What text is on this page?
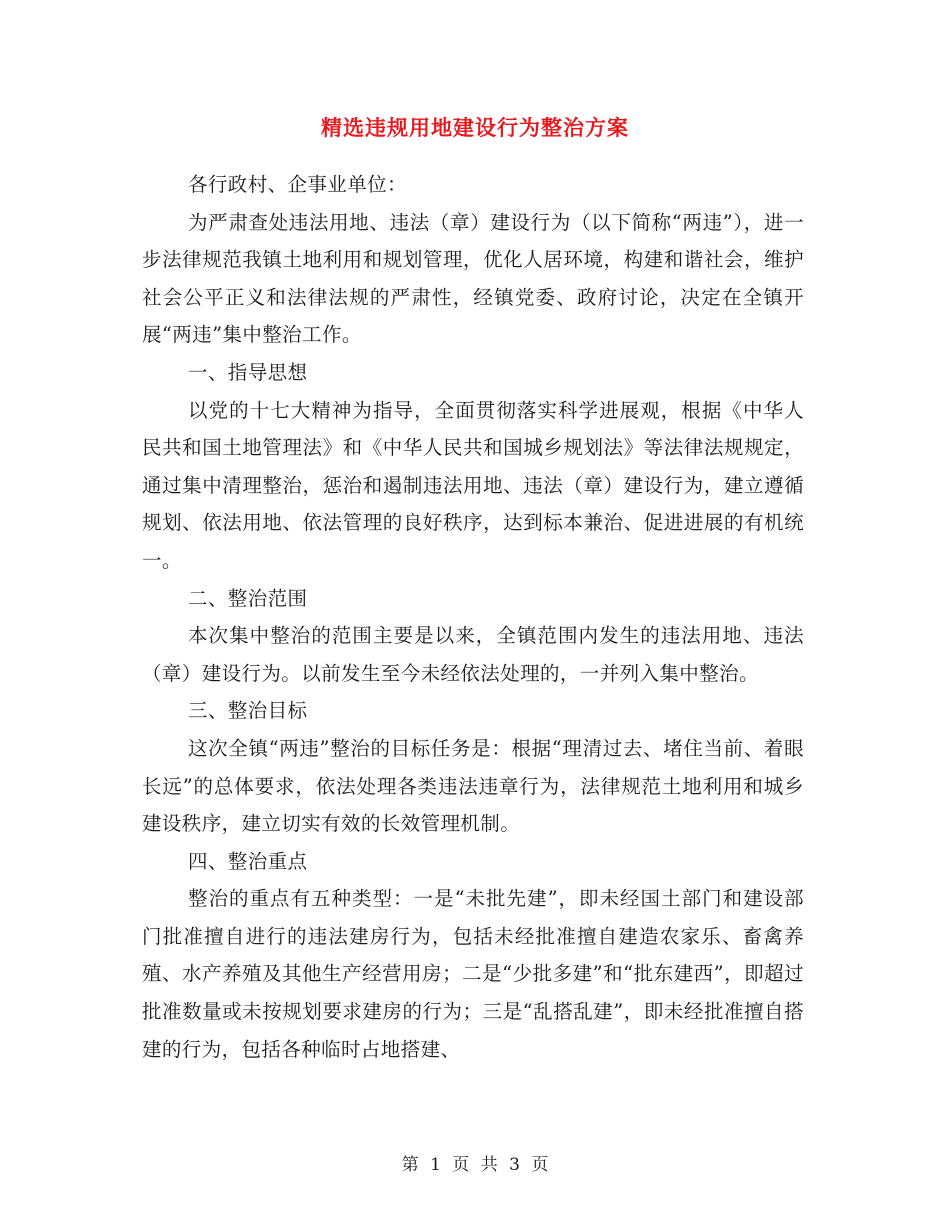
精选违规用地建设行为整治方案

各行政村、企事业单位：

为严肃查处违法用地、违法（章）建设行为（以下简称“两违”），进一步法律规范我镇土地利用和规划管理，优化人居环境，构建和谐社会，维护社会公平正义和法律法规的严肃性，经镇党委、政府讨论，决定在全镇开展“两违”集中整治工作。

一、指导思想

以党的十七大精神为指导，全面贯彻落实科学进展观，根据《中华人民共和国土地管理法》和《中华人民共和国城乡规划法》等法律法规规定，通过集中清理整治，惩治和遏制违法用地、违法（章）建设行为，建立遵循规划、依法用地、依法管理的良好秩序，达到标本兼治、促进进展的有机统一。

二、整治范围

本次集中整治的范围主要是以来，全镇范围内发生的违法用地、违法（章）建设行为。以前发生至今未经依法处理的，一并列入集中整治。

三、整治目标

这次全镇“两违”整治的目标任务是：根据“理清过去、堵住当前、着眼长远”的总体要求，依法处理各类违法违章行为，法律规范土地利用和城乡建设秩序，建立切实有效的长效管理机制。

四、整治重点

整治的重点有五种类型：一是“未批先建”，即未经国土部门和建设部门批准擅自进行的违法建房行为，包括未经批准擅自建造农家乐、畜禽养殖、水产养殖及其他生产经营用房；二是“少批多建”和“批东建西”，即超过批准数量或未按规划要求建房的行为；三是“乱搭乱建”，即未经批准擅自搭建的行为，包括各种临时占地搭建、

第 1 页 共 3 页
